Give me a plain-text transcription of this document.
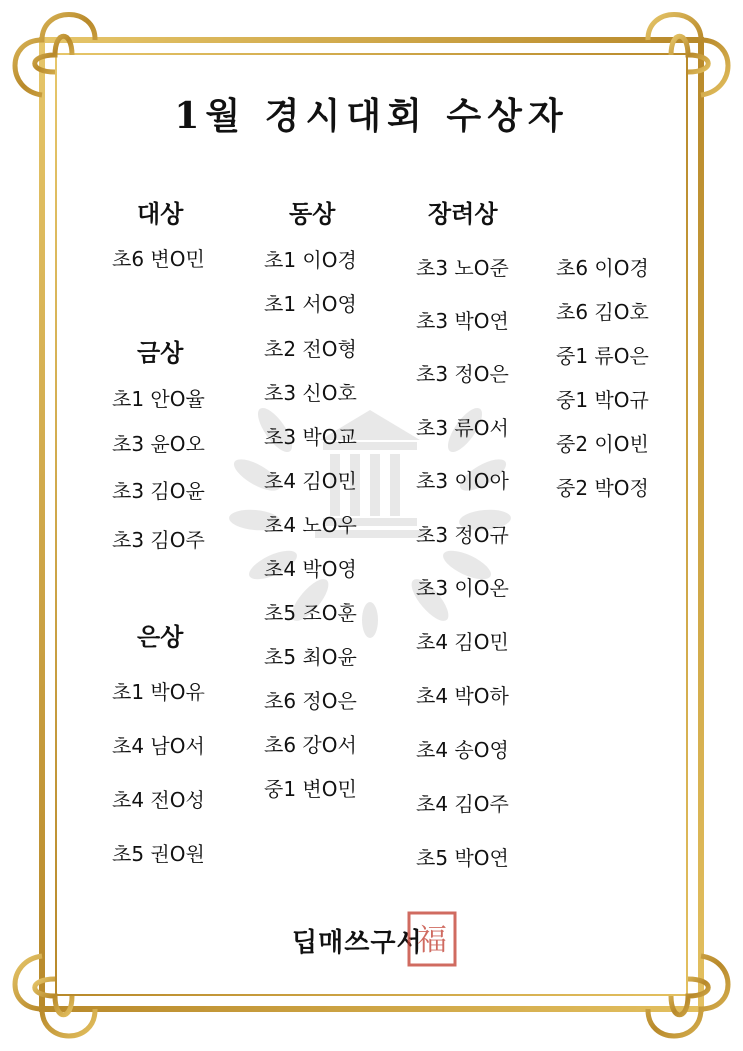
1월 경시대회 수상자
대상
초6 변O민
금상
초1 안O율
초3 윤O오
초3 김O윤
초3 김O주
은상
초1 박O유
초4 남O서
초4 전O성
초5 권O원
동상
초1 이O경
초1 서O영
초2 전O형
초3 신O호
초3 박O교
초4 김O민
초4 노O우
초4 박O영
초5 조O훈
초5 최O윤
초6 정O은
초6 강O서
중1 변O민
장려상
초3 노O준
초3 박O연
초3 정O은
초3 류O서
초3 이O아
초3 정O규
초3 이O온
초4 김O민
초4 박O하
초4 송O영
초4 김O주
초5 박O연
초6 이O경
초6 김O호
중1 류O은
중1 박O규
중2 이O빈
중2 박O정
딥매쓰구서
福
